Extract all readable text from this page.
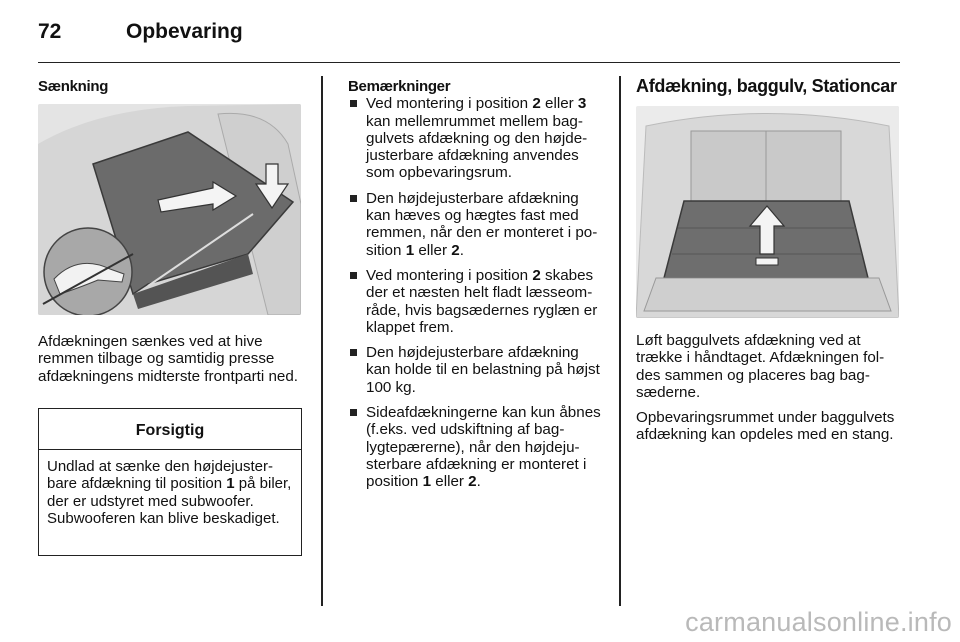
72	Opbevaring

Sænkning

Afdækningen sænkes ved at hive remmen tilbage og samtidig presse afdækningens midterste frontparti ned.

Forsigtig
Undlad at sænke den højdejusterbare afdækning til position 1 på biler, der er udstyret med subwoofer. Subwooferen kan blive beskadiget.

Bemærkninger

Ved montering i position 2 eller 3 kan mellemrummet mellem baggulvets afdækning og den højdejusterbare afdækning anvendes som opbevaringsrum.
Den højdejusterbare afdækning kan hæves og hægtes fast med remmen, når den er monteret i position 1 eller 2.
Ved montering i position 2 skabes der et næsten helt fladt læsseområde, hvis bagsædernes ryglæn er klappet frem.
Den højdejusterbare afdækning kan holde til en belastning på højst 100 kg.
Sideafdækningerne kan kun åbnes (f.eks. ved udskiftning af baglygtepærerne), når den højdejusterbare afdækning er monteret i position 1 eller 2.
Afdækning, baggulv, Stationcar

Løft baggulvets afdækning ved at trække i håndtaget. Afdækningen foldes sammen og placeres bag bagsæderne.

Opbevaringsrummet under baggulvets afdækning kan opdeles med en stang.

carmanualsonline.info
